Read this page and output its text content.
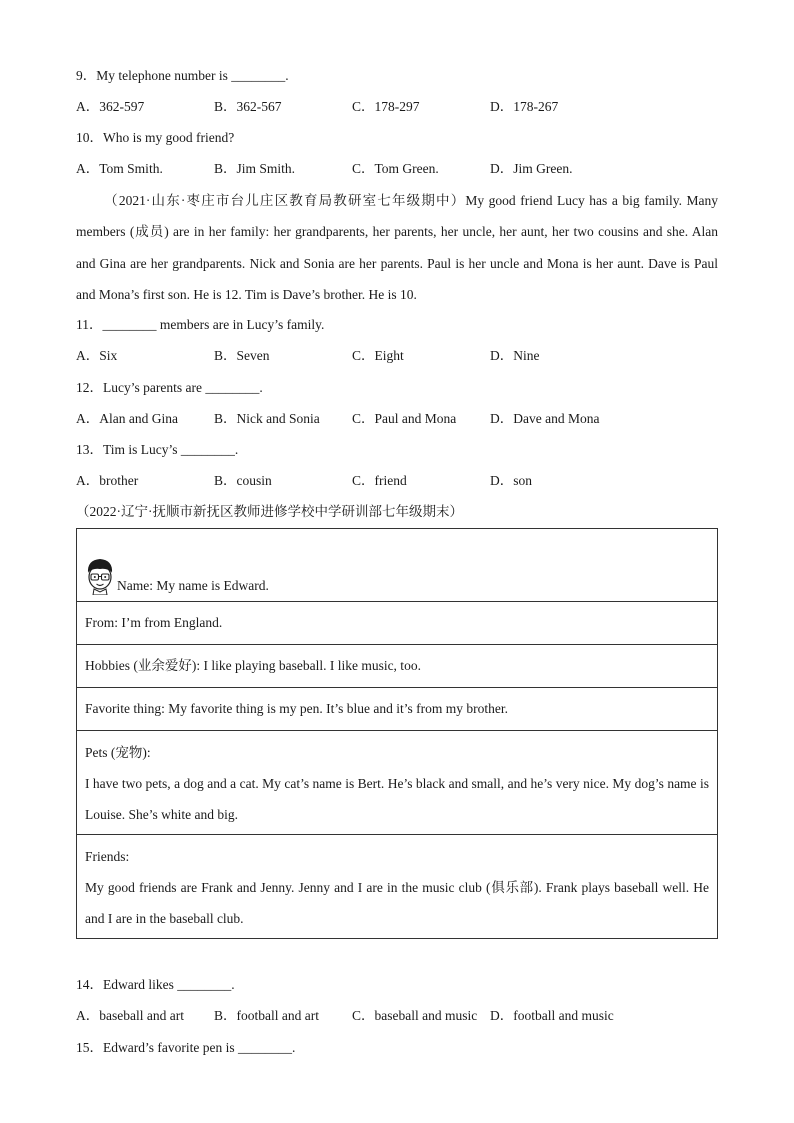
9．My telephone number is ________.
A．362-597	B．362-567	C．178-297	D．178-267
10．Who is my good friend?
A．Tom Smith.	B．Jim Smith.	C．Tom Green.	D．Jim Green.
（2021·山东·枣庄市台儿庄区教育局教研室七年级期中）My good friend Lucy has a big family. Many members (成员) are in her family: her grandparents, her parents, her uncle, her aunt, her two cousins and she. Alan and Gina are her grandparents. Nick and Sonia are her parents. Paul is her uncle and Mona is her aunt. Dave is Paul and Mona’s first son. He is 12. Tim is Dave’s brother. He is 10.
11．________ members are in Lucy’s family.
A．Six	B．Seven	C．Eight	D．Nine
12．Lucy’s parents are ________.
A．Alan and Gina	B．Nick and Sonia C．Paul and Mona	D．Dave and Mona
13．Tim is Lucy’s ________.
A．brother	B．cousin	C．friend	D．son
（2022·辽宁·抚顺市新抚区教师进修学校中学研训部七年级期末）
Name: My name is Edward.
From: I’m from England.
Hobbies (业余爱好): I like playing baseball. I like music, too.
Favorite thing: My favorite thing is my pen. It’s blue and it’s from my brother.

Pets (宠物):
I have two pets, a dog and a cat. My cat’s name is Bert. He’s black and small, and he’s very nice. My dog’s name is Louise. She’s white and big.

Friends:
My good friends are Frank and Jenny. Jenny and I are in the music club (俱乐部). Frank plays baseball well. He and I are in the baseball club.
14．Edward likes ________.
A．baseball and art B．football and art C．baseball and music D．football and music
15．Edward’s favorite pen is ________.
